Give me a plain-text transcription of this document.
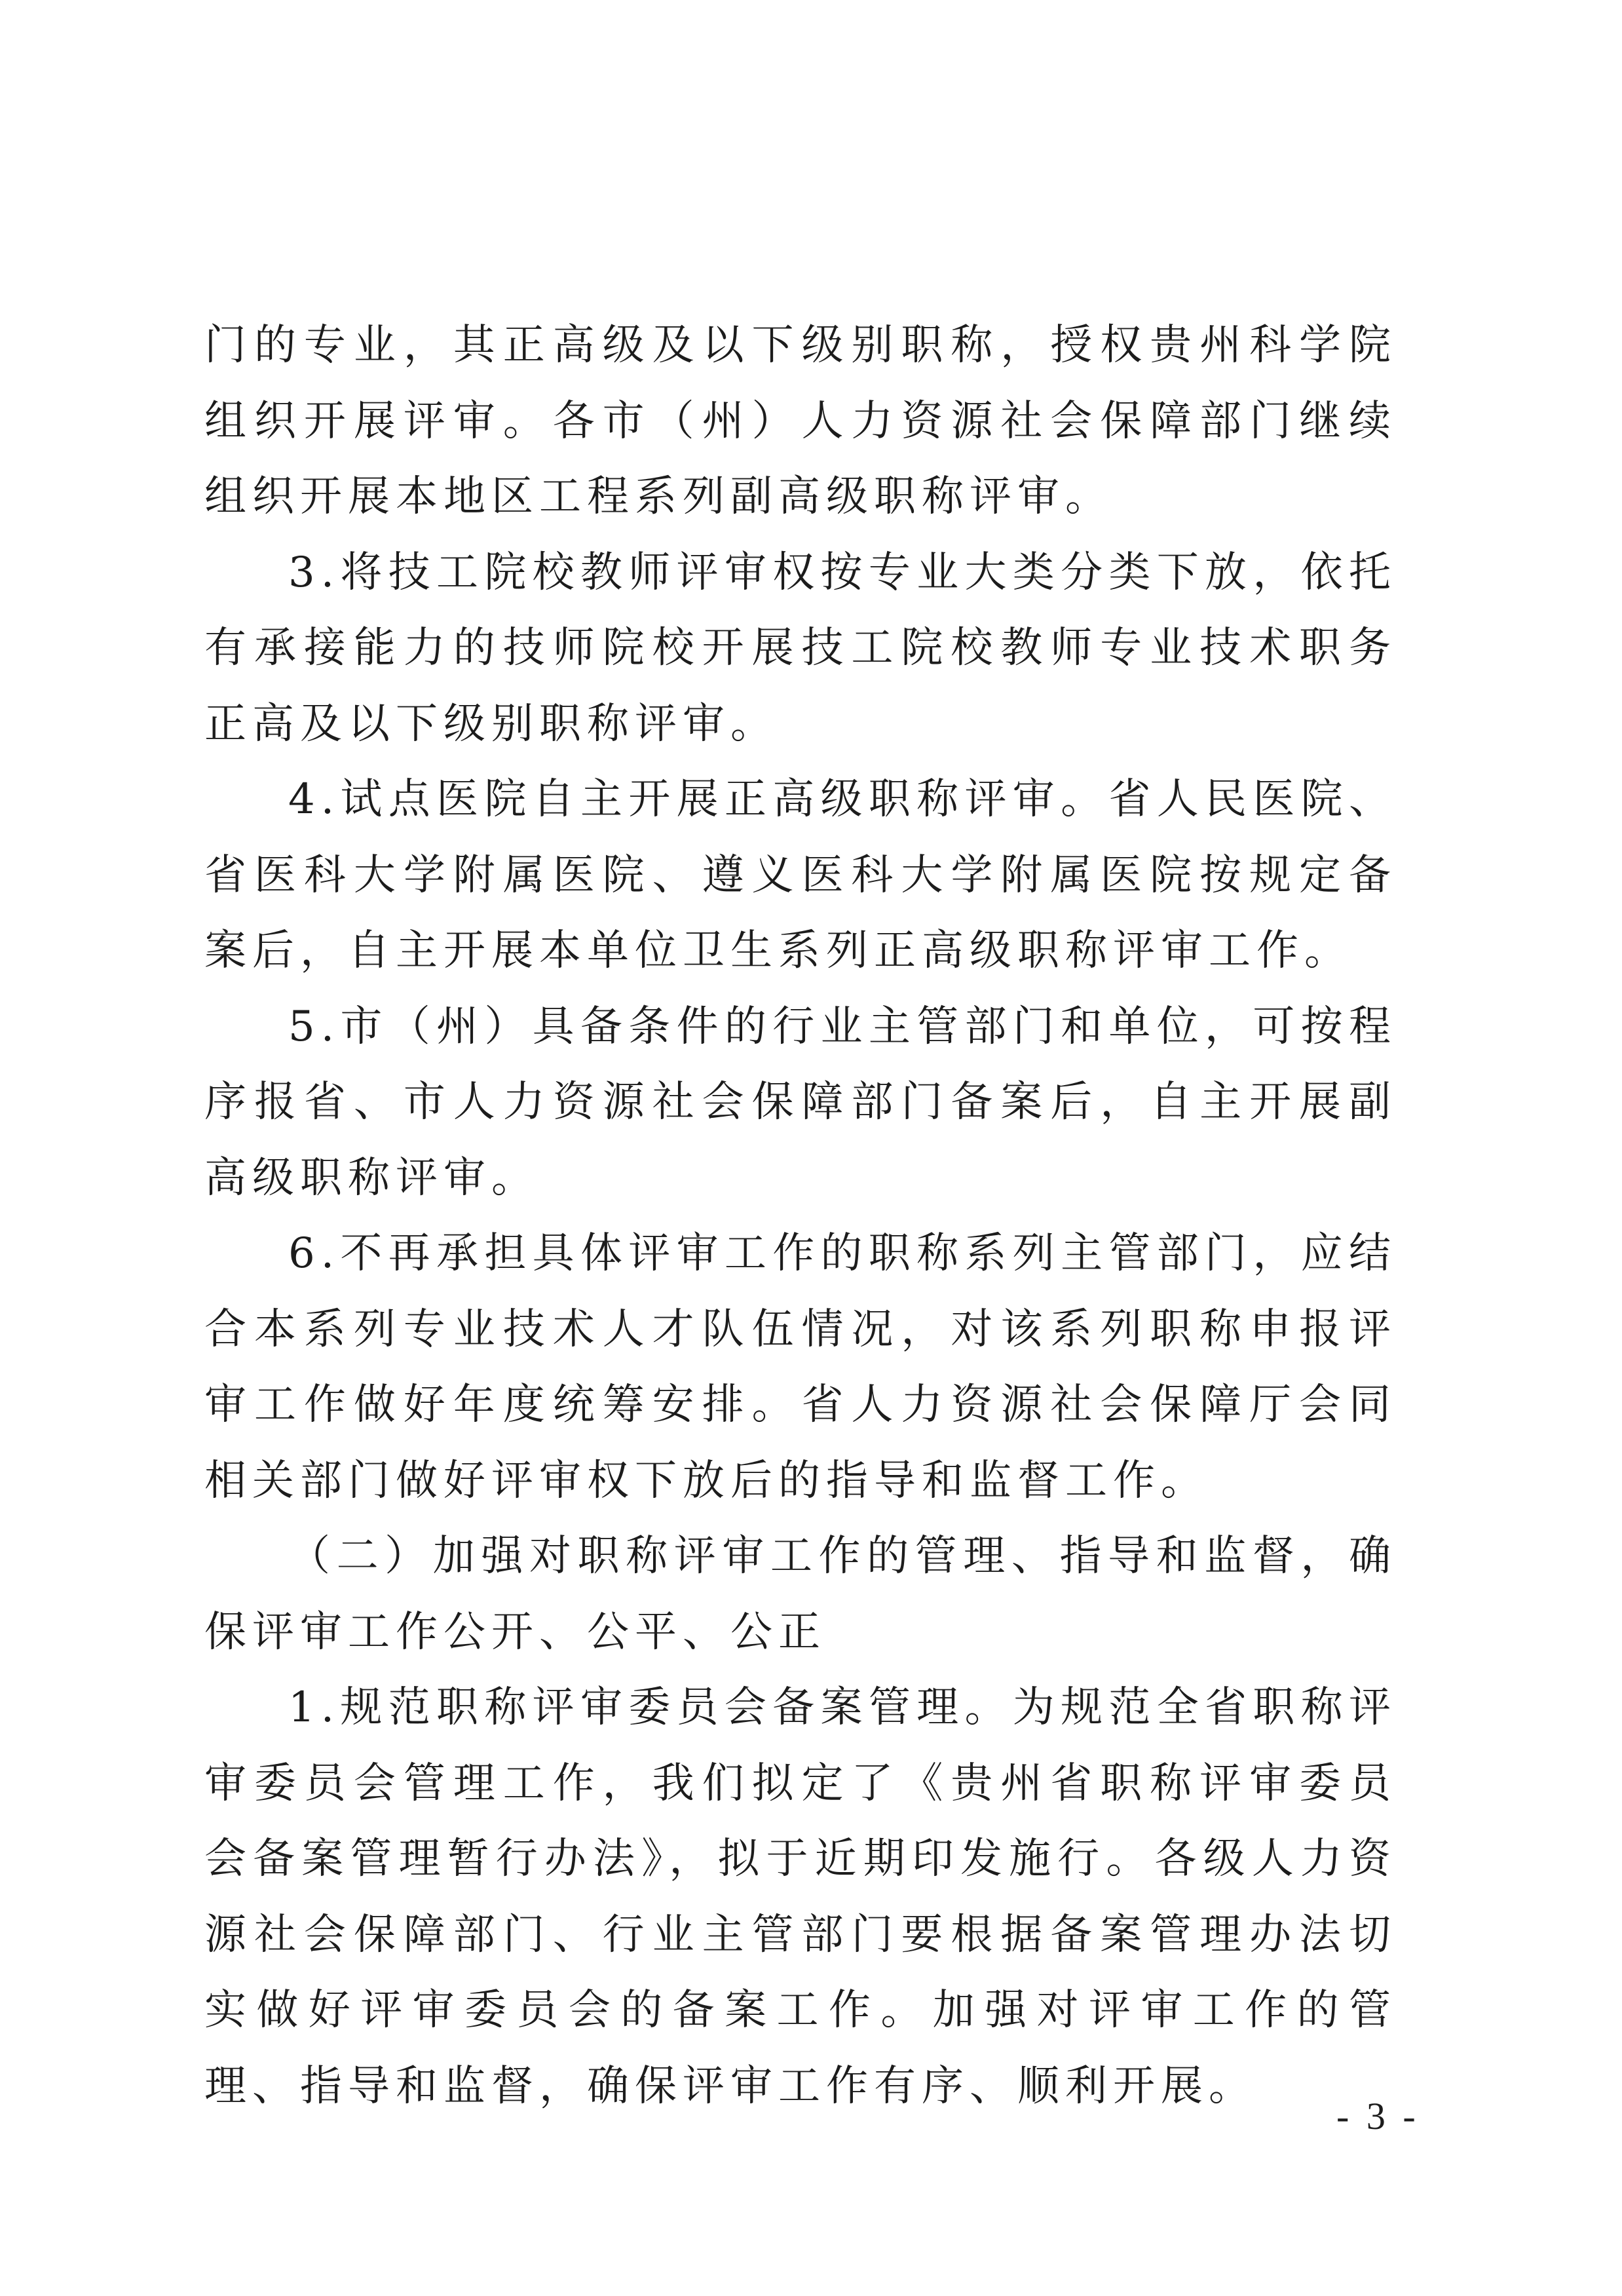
门的专业，其正高级及以下级别职称，授权贵州科学院组织开展评审。各市（州）人力资源社会保障部门继续组织开展本地区工程系列副高级职称评审。

3.将技工院校教师评审权按专业大类分类下放，依托有承接能力的技师院校开展技工院校教师专业技术职务正高及以下级别职称评审。

4.试点医院自主开展正高级职称评审。省人民医院、省医科大学附属医院、遵义医科大学附属医院按规定备案后，自主开展本单位卫生系列正高级职称评审工作。

5.市（州）具备条件的行业主管部门和单位，可按程序报省、市人力资源社会保障部门备案后，自主开展副高级职称评审。

6.不再承担具体评审工作的职称系列主管部门，应结合本系列专业技术人才队伍情况，对该系列职称申报评审工作做好年度统筹安排。省人力资源社会保障厅会同相关部门做好评审权下放后的指导和监督工作。

（二）加强对职称评审工作的管理、指导和监督，确保评审工作公开、公平、公正

1.规范职称评审委员会备案管理。为规范全省职称评审委员会管理工作，我们拟定了《贵州省职称评审委员会备案管理暂行办法》，拟于近期印发施行。各级人力资源社会保障部门、行业主管部门要根据备案管理办法切实做好评审委员会的备案工作。加强对评审工作的管理、指导和监督，确保评审工作有序、顺利开展。

- 3 -
